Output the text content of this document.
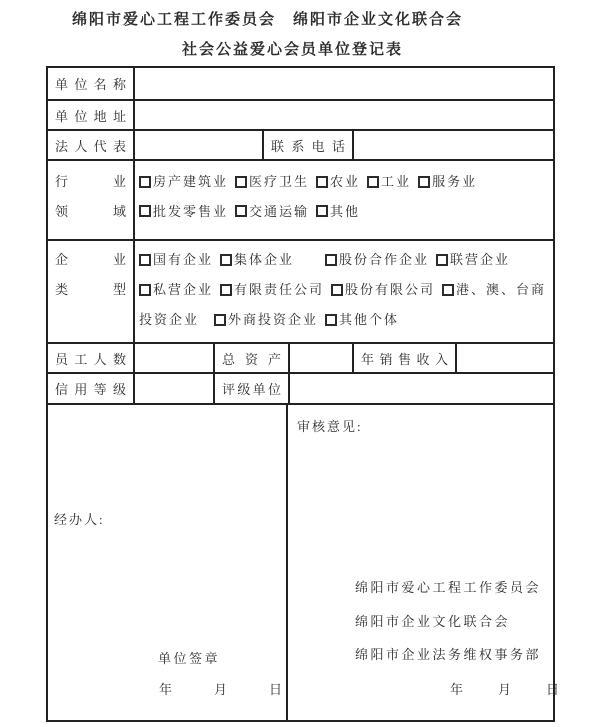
绵阳市爱心工程工作委员会　绵阳市企业文化联合会
社会公益爱心会员单位登记表
单 位 名 称
单 位 地 址
法 人 代 表	联 系 电 话
行	业
领	域
房产建筑业 医疗卫生 农业 工业 服务业
批发零售业 交通运输 其他
企	业
类	型
国有企业 集体企业	股份合作企业 联营企业
私营企业 有限责任公司 股份有限公司 港、澳、台商
投资企业 外商投资企业 其他个体
员 工 人 数	总 资 产	年 销 售 收 入
信 用 等 级	评 级 单 位
经办人:
单位签章
年	月	日
审核意见:
绵阳市爱心工程工作委员会
绵阳市企业文化联合会
绵阳市企业法务维权事务部
年	月	日
